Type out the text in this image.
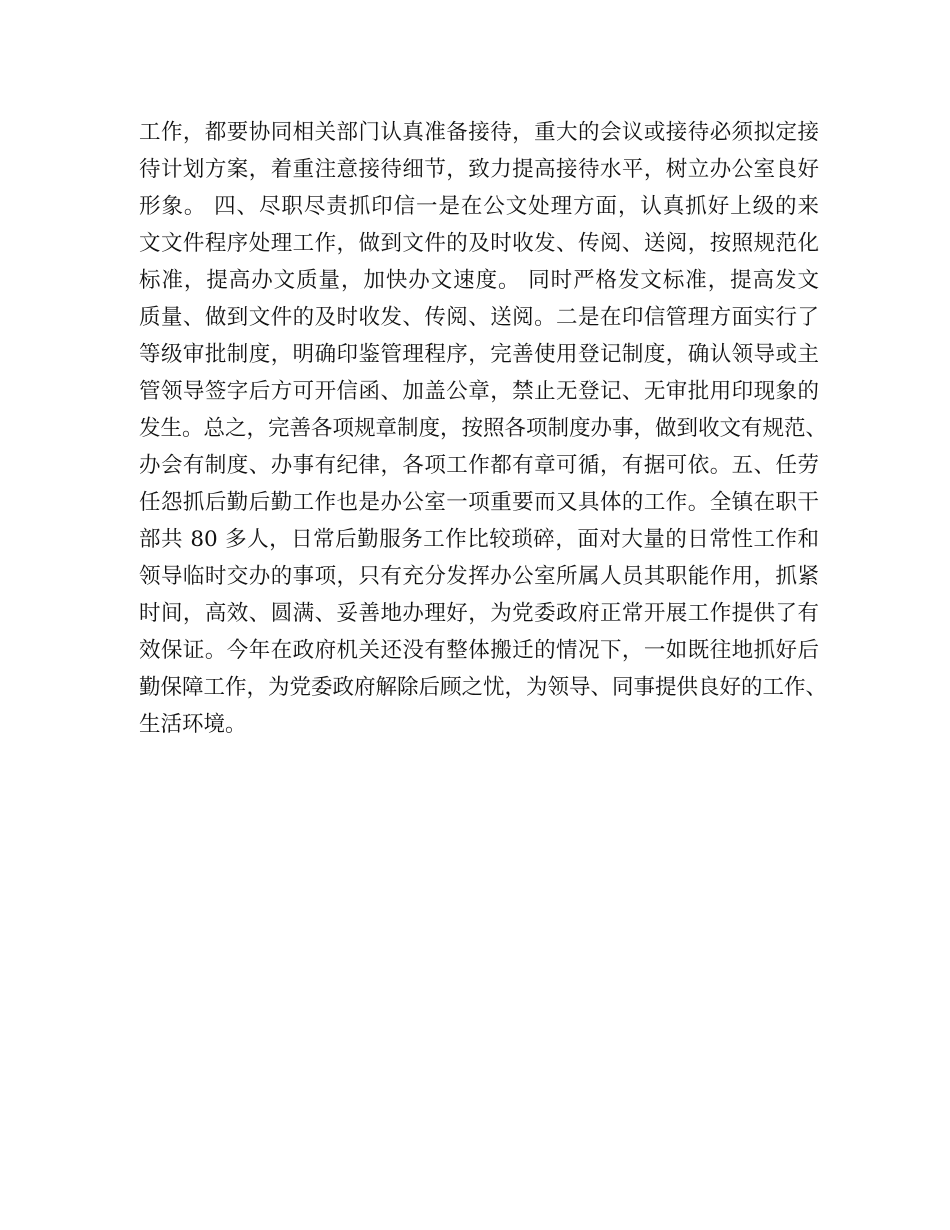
工作，都要协同相关部门认真准备接待，重大的会议或接待必须拟定接
待计划方案，着重注意接待细节，致力提高接待水平，树立办公室良好
形象。 四、尽职尽责抓印信一是在公文处理方面，认真抓好上级的来
文文件程序处理工作，做到文件的及时收发、传阅、送阅，按照规范化
标准，提高办文质量，加快办文速度。 同时严格发文标准，提高发文
质量、做到文件的及时收发、传阅、送阅。二是在印信管理方面实行了
等级审批制度，明确印鉴管理程序，完善使用登记制度，确认领导或主
管领导签字后方可开信函、加盖公章，禁止无登记、无审批用印现象的
发生。总之，完善各项规章制度，按照各项制度办事，做到收文有规范、
办会有制度、办事有纪律，各项工作都有章可循，有据可依。五、任劳
任怨抓后勤后勤工作也是办公室一项重要而又具体的工作。全镇在职干
部共 80 多人，日常后勤服务工作比较琐碎，面对大量的日常性工作和
领导临时交办的事项，只有充分发挥办公室所属人员其职能作用，抓紧
时间，高效、圆满、妥善地办理好，为党委政府正常开展工作提供了有
效保证。今年在政府机关还没有整体搬迁的情况下，一如既往地抓好后
勤保障工作，为党委政府解除后顾之忧，为领导、同事提供良好的工作、
生活环境。
